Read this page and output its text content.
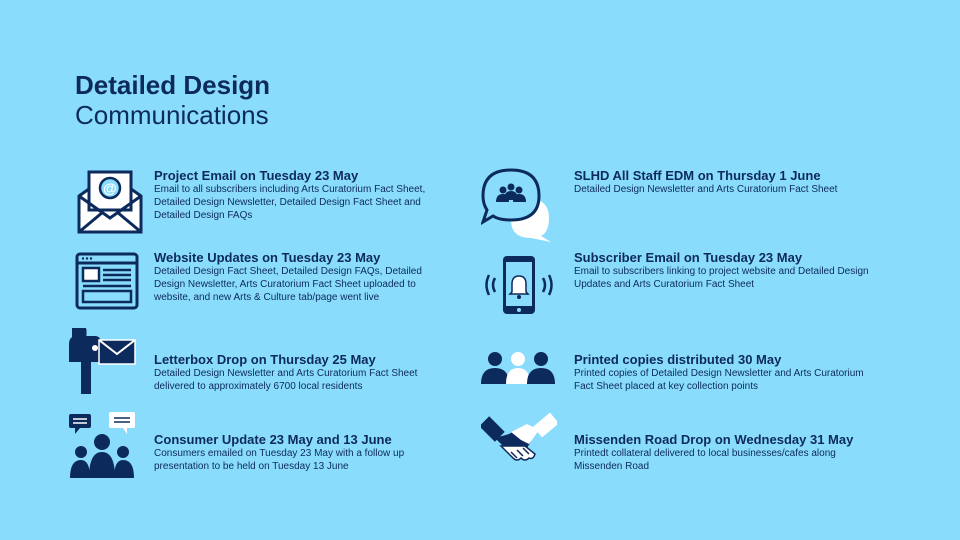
Detailed Design
Communications
@
Project Email on Tuesday 23 May
Email to all subscribers including Arts Curatorium Fact Sheet, Detailed Design Newsletter, Detailed Design Fact Sheet and Detailed Design FAQs
Website Updates on Tuesday 23 May
Detailed Design Fact Sheet, Detailed Design FAQs, Detailed Design Newsletter, Arts Curatorium Fact Sheet uploaded to website, and new Arts & Culture tab/page went live
Letterbox Drop on Thursday 25 May
Detailed Design Newsletter and Arts Curatorium Fact Sheet delivered to approximately 6700 local residents
Consumer Update 23 May and 13 June
Consumers emailed on Tuesday 23 May with a follow up presentation to be held on Tuesday 13 June
SLHD All Staff EDM on Thursday 1 June
Detailed Design Newsletter and Arts Curatorium Fact Sheet
Subscriber Email on Tuesday 23 May
Email to subscribers linking to project website and Detailed Design Updates and Arts Curatorium Fact Sheet
Printed copies distributed 30 May
Printed copies of Detailed Design Newsletter and Arts Curatorium Fact Sheet placed at key collection points
Missenden Road Drop on Wednesday 31 May
Printedt collateral delivered to local businesses/cafes along Missenden Road
